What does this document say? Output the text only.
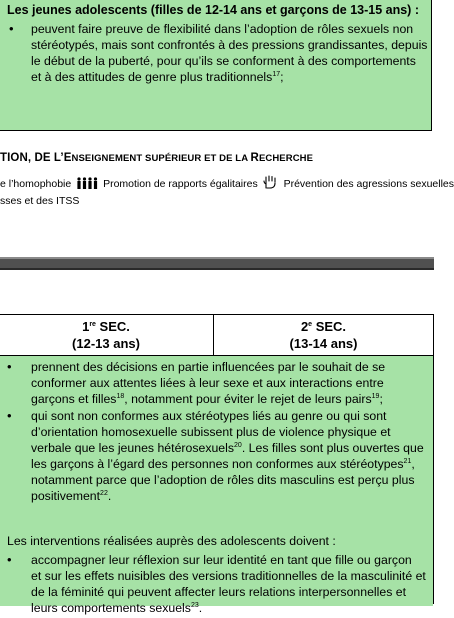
Les jeunes adolescents (filles de 12-14 ans et garçons de 13-15 ans) :
• peuvent faire preuve de flexibilité dans l’adoption de rôles sexuels non
stéréotypés, mais sont confrontés à des pressions grandissantes, depuis
le début de la puberté, pour qu’ils se conforment à des comportements
et à des attitudes de genre plus traditionnels$^{17}$;
TION, DE L’ENSEIGNEMENT SUPÉRIEUR ET DE LA RECHERCHE
e l’homophobie	Promotion de rapports égalitaires Prévention des agressions sexuelles
sses et des ITSS
1re SEC.
(12-13 ans)
2e SEC.
(13-14 ans)
• prennent des décisions en partie influencées par le souhait de se
conformer aux attentes liées à leur sexe et aux interactions entre
garçons et filles$^{18}$, notamment pour éviter le rejet de leurs pairs$^{19}$;
• qui sont non conformes aux stéréotypes liés au genre ou qui sont
d’orientation homosexuelle subissent plus de violence physique et
verbale que les jeunes hétérosexuels$^{20}$. Les filles sont plus ouvertes que
les garçons à l’égard des personnes non conformes aux stéréotypes$^{21}$,
notamment parce que l’adoption de rôles dits masculins est perçu plus
positivement$^{22}$.
Les interventions réalisées auprès des adolescents doivent :
• accompagner leur réflexion sur leur identité en tant que fille ou garçon
et sur les effets nuisibles des versions traditionnelles de la masculinité et
de la féminité qui peuvent affecter leurs relations interpersonnelles et
leurs comportements sexuels$^{23}$.
